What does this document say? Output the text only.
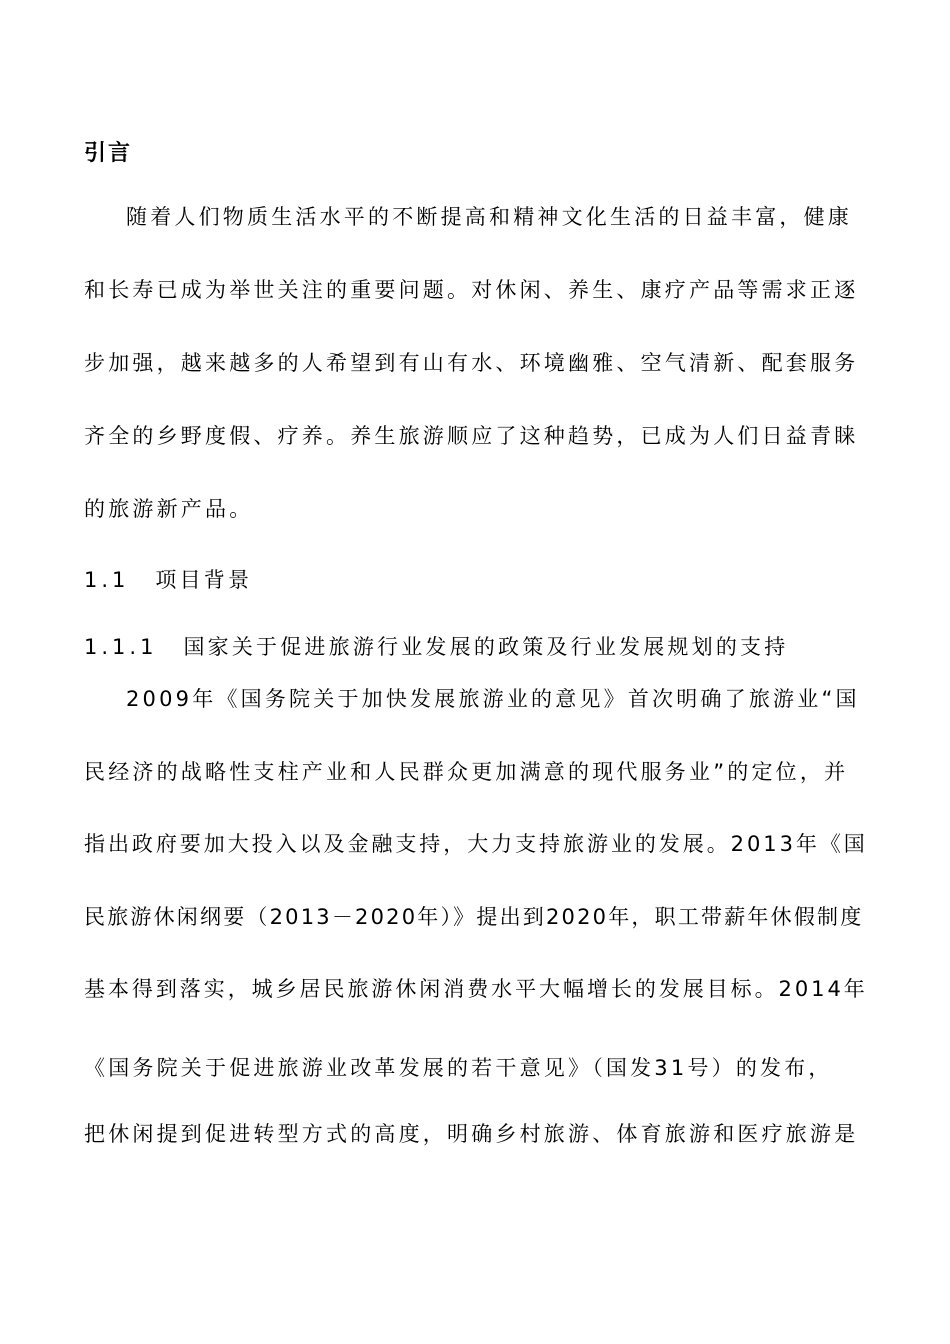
引言
随着人们物质生活水平的不断提高和精神文化生活的日益丰富，健康
和长寿已成为举世关注的重要问题。对休闲、养生、康疗产品等需求正逐
步加强，越来越多的人希望到有山有水、环境幽雅、空气清新、配套服务
齐全的乡野度假、疗养。养生旅游顺应了这种趋势，已成为人们日益青睐
的旅游新产品。
1.1 项目背景
1.1.1 国家关于促进旅游行业发展的政策及行业发展规划的支持
2009年《国务院关于加快发展旅游业的意见》首次明确了旅游业“国
民经济的战略性支柱产业和人民群众更加满意的现代服务业”的定位，并
指出政府要加大投入以及金融支持，大力支持旅游业的发展。2013年《国
民旅游休闲纲要（2013－2020年）》提出到2020年，职工带薪年休假制度
基本得到落实，城乡居民旅游休闲消费水平大幅增长的发展目标。2014年
《国务院关于促进旅游业改革发展的若干意见》（国发31号）的发布，
把休闲提到促进转型方式的高度，明确乡村旅游、体育旅游和医疗旅游是
